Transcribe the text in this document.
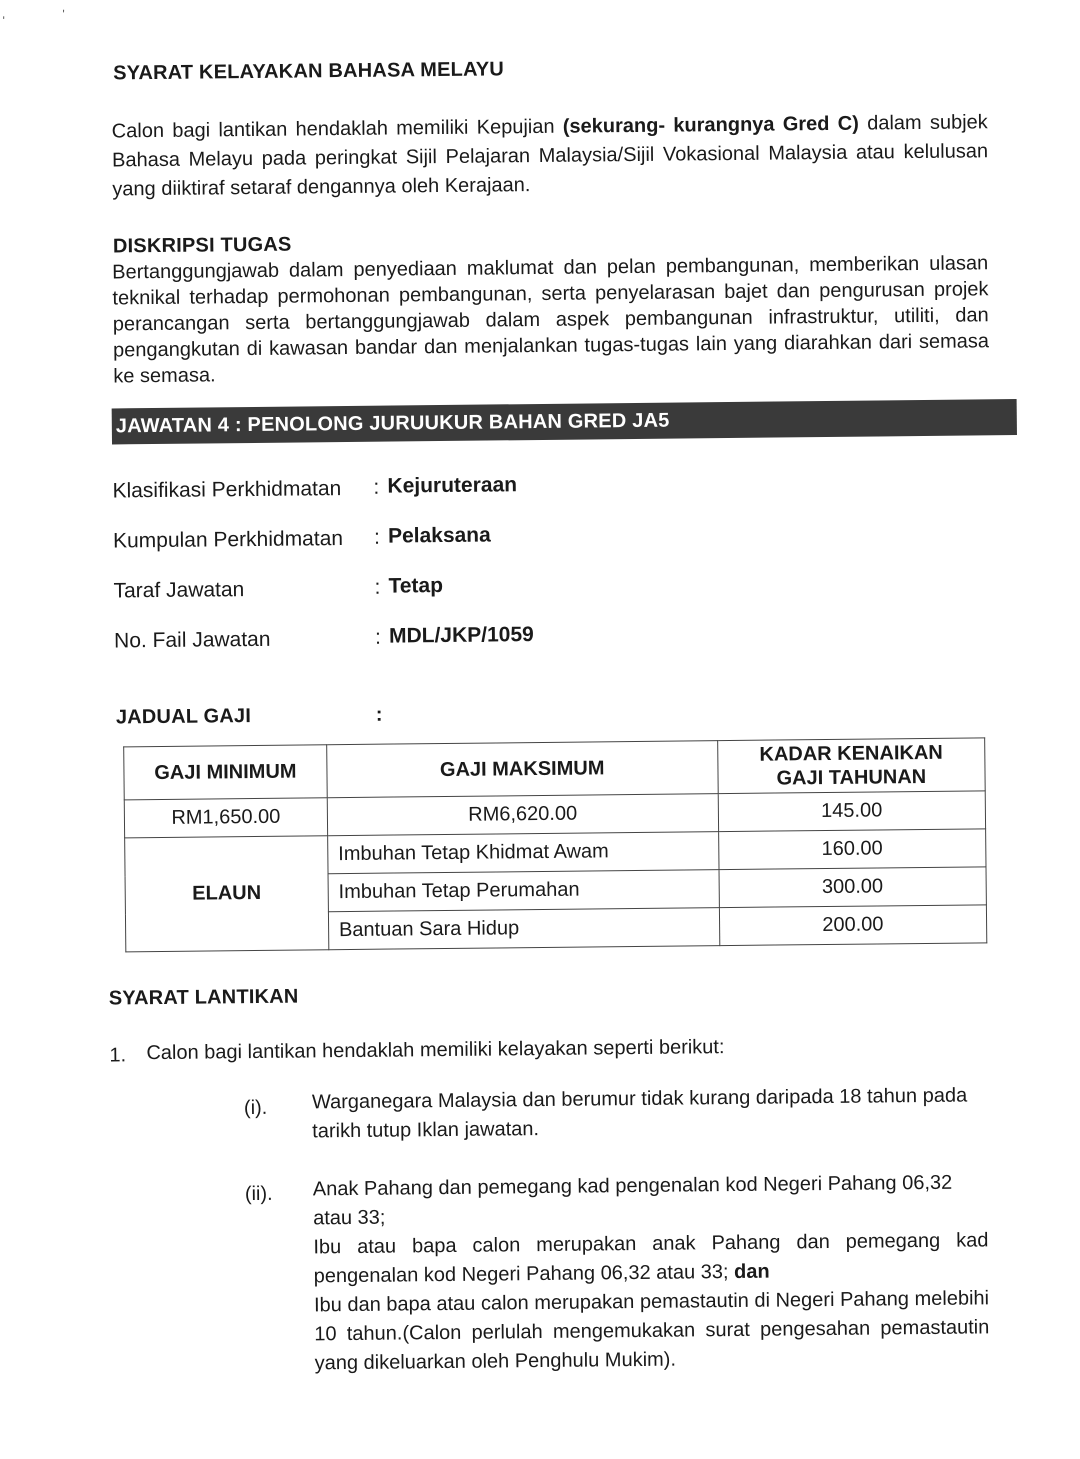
'	'
SYARAT KELAYAKAN BAHASA MELAYU
Calon bagi lantikan hendaklah memiliki Kepujian (sekurang- kurangnya Gred C) dalam subjek Bahasa Melayu pada peringkat Sijil Pelajaran Malaysia/Sijil Vokasional Malaysia atau kelulusan yang diiktiraf setaraf dengannya oleh Kerajaan.
DISKRIPSI TUGAS
Bertanggungjawab dalam penyediaan maklumat dan pelan pembangunan, memberikan ulasan teknikal terhadap permohonan pembangunan, serta penyelarasan bajet dan pengurusan projek perancangan serta bertanggungjawab dalam aspek pembangunan infrastruktur, utiliti, dan pengangkutan di kawasan bandar dan menjalankan tugas-tugas lain yang diarahkan dari semasa ke semasa.
JAWATAN 4 : PENOLONG JURUUKUR BAHAN GRED JA5
Klasifikasi Perkhidmatan : Kejuruteraan
Kumpulan Perkhidmatan : Pelaksana
Taraf Jawatan	: Tetap
No. Fail Jawatan	: MDL/JKP/1059
JADUAL GAJI	:
GAJI MINIMUM	GAJI MAKSIMUM	KADAR KENAIKAN
GAJI TAHUNAN

RM1,650.00	RM6,620.00	145.00
ELAUN	Imbuhan Tetap Khidmat Awam	160.00
	Imbuhan Tetap Perumahan	300.00
	Bantuan Sara Hidup	200.00
SYARAT LANTIKAN
1. Calon bagi lantikan hendaklah memiliki kelayakan seperti berikut:
(i). Warganegara Malaysia dan berumur tidak kurang daripada 18 tahun pada tarikh tutup Iklan jawatan.
(ii). Anak Pahang dan pemegang kad pengenalan kod Negeri Pahang 06,32 atau 33;
Ibu atau bapa calon merupakan anak Pahang dan pemegang kad pengenalan kod Negeri Pahang 06,32 atau 33; dan
Ibu dan bapa atau calon merupakan pemastautin di Negeri Pahang melebihi 10 tahun.(Calon perlulah mengemukakan surat pengesahan pemastautin yang dikeluarkan oleh Penghulu Mukim).
